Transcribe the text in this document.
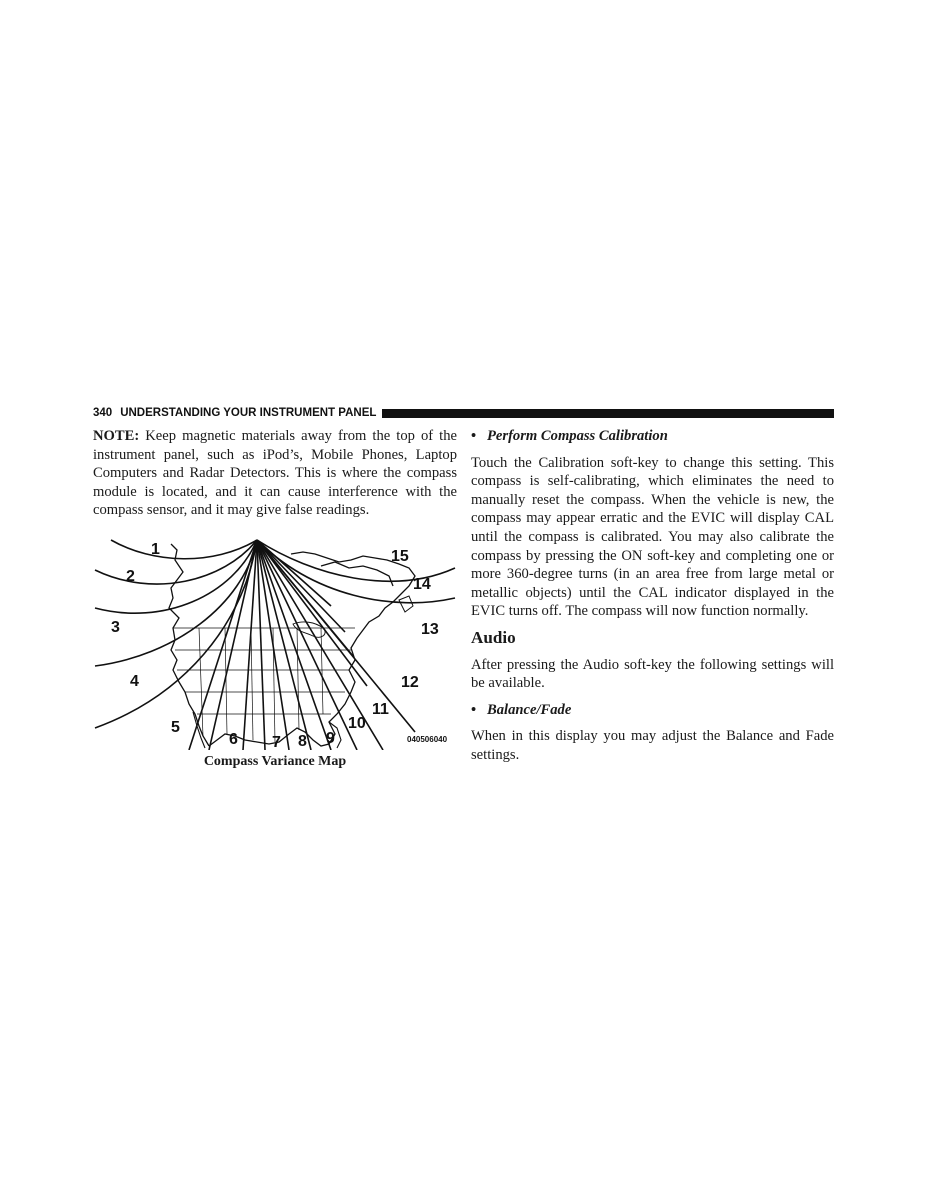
340 UNDERSTANDING YOUR INSTRUMENT PANEL

NOTE: Keep magnetic materials away from the top of the instrument panel, such as iPod’s, Mobile Phones, Laptop Computers and Radar Detectors. This is where the compass module is located, and it can cause interference with the compass sensor, and it may give false readings.

1
2
3
4
5
6 7 8 9
10
11
12
13
14
15
040506040
Compass Variance Map
• Perform Compass Calibration

Touch the Calibration soft-key to change this setting. This compass is self-calibrating, which eliminates the need to manually reset the compass. When the vehicle is new, the compass may appear erratic and the EVIC will display CAL until the compass is calibrated. You may also calibrate the compass by pressing the ON soft-key and completing one or more 360-degree turns (in an area free from large metal or metallic objects) until the CAL indicator displayed in the EVIC turns off. The compass will now function normally.

Audio

After pressing the Audio soft-key the following settings will be available.

• Balance/Fade

When in this display you may adjust the Balance and Fade settings.
